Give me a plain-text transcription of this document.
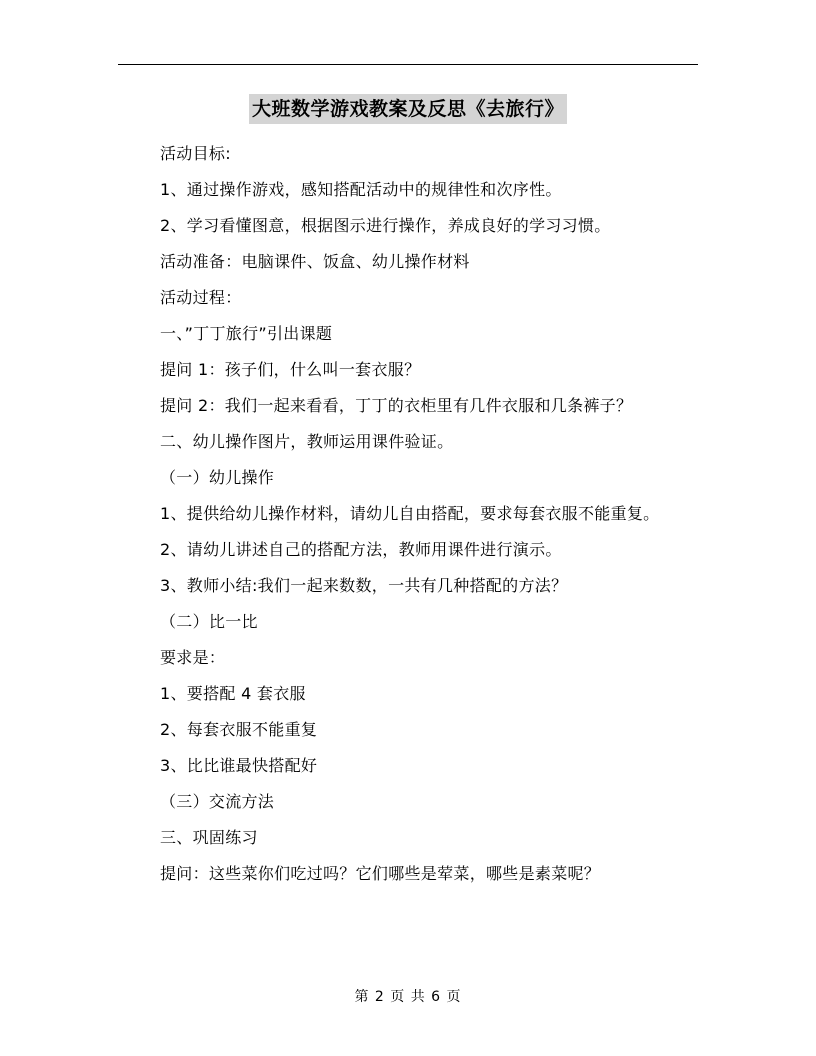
大班数学游戏教案及反思《去旅行》
活动目标:
1、通过操作游戏，感知搭配活动中的规律性和次序性。
2、学习看懂图意，根据图示进行操作，养成良好的学习习惯。
活动准备：电脑课件、饭盒、幼儿操作材料
活动过程：
一、”丁丁旅行”引出课题
提问 1：孩子们，什么叫一套衣服？
提问 2：我们一起来看看，丁丁的衣柜里有几件衣服和几条裤子？
二、幼儿操作图片，教师运用课件验证。
（一）幼儿操作
1、提供给幼儿操作材料，请幼儿自由搭配，要求每套衣服不能重复。
2、请幼儿讲述自己的搭配方法，教师用课件进行演示。
3、教师小结:我们一起来数数，一共有几种搭配的方法？
（二）比一比
要求是：
1、要搭配 4 套衣服
2、每套衣服不能重复
3、比比谁最快搭配好
（三）交流方法
三、巩固练习
提问：这些菜你们吃过吗？它们哪些是荤菜，哪些是素菜呢？
第 2 页 共 6 页
